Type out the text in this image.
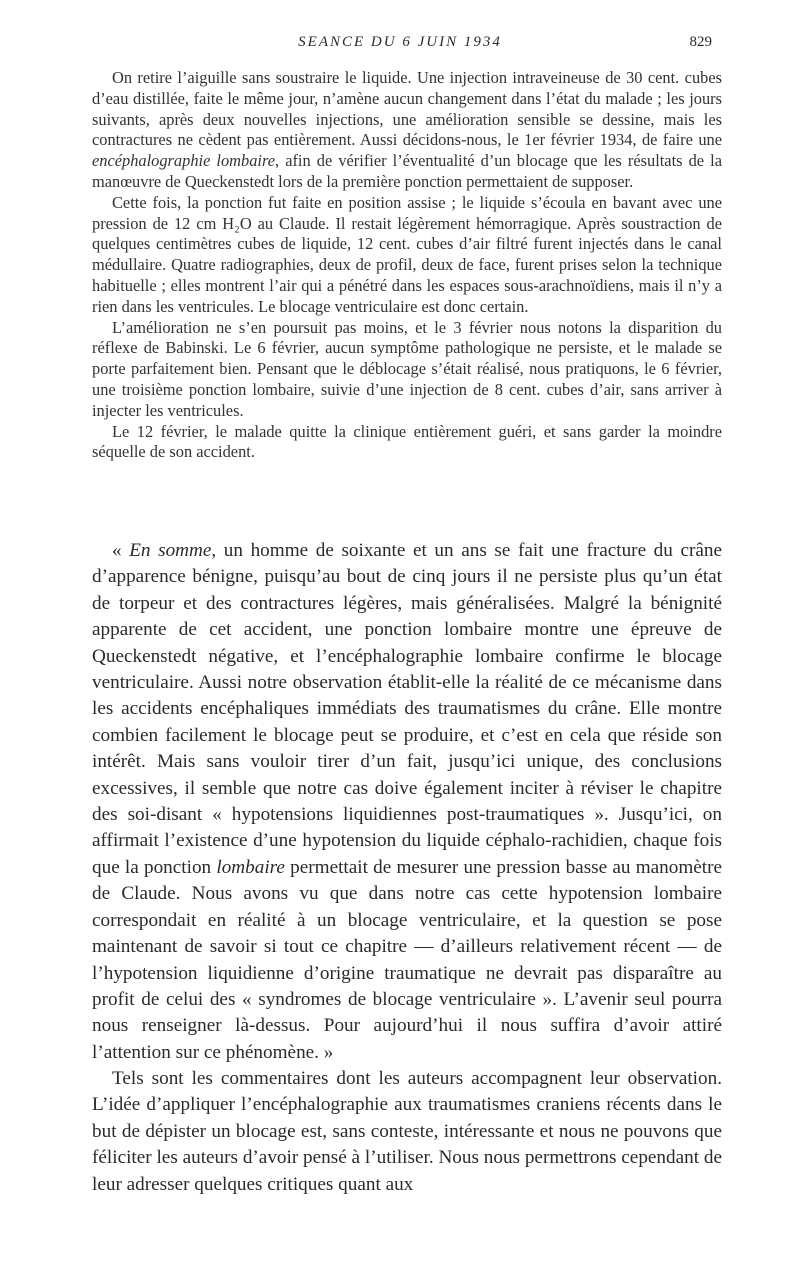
SEANCE DU 6 JUIN 1934	829

On retire l’aiguille sans soustraire le liquide. Une injection intraveineuse de 30 cent. cubes d’eau distillée, faite le même jour, n’amène aucun changement dans l’état du malade ; les jours suivants, après deux nouvelles injections, une amélioration sensible se dessine, mais les contractures ne cèdent pas entièrement. Aussi décidons-nous, le 1er février 1934, de faire une encéphalographie lombaire, afin de vérifier l’éventualité d’un blocage que les résultats de la manœuvre de Queckenstedt lors de la première ponction permettaient de supposer.

Cette fois, la ponction fut faite en position assise ; le liquide s’écoula en bavant avec une pression de 12 cm H₂O au Claude. Il restait légèrement hémorragique. Après soustraction de quelques centimètres cubes de liquide, 12 cent. cubes d’air filtré furent injectés dans le canal médullaire. Quatre radiographies, deux de profil, deux de face, furent prises selon la technique habituelle ; elles montrent l’air qui a pénétré dans les espaces sous-arachnoïdiens, mais il n’y a rien dans les ventricules. Le blocage ventriculaire est donc certain.

L’amélioration ne s’en poursuit pas moins, et le 3 février nous notons la disparition du réflexe de Babinski. Le 6 février, aucun symptôme pathologique ne persiste, et le malade se porte parfaitement bien. Pensant que le déblocage s’était réalisé, nous pratiquons, le 6 février, une troisième ponction lombaire, suivie d’une injection de 8 cent. cubes d’air, sans arriver à injecter les ventricules.

Le 12 février, le malade quitte la clinique entièrement guéri, et sans garder la moindre séquelle de son accident.

« En somme, un homme de soixante et un ans se fait une fracture du crâne d’apparence bénigne, puisqu’au bout de cinq jours il ne persiste plus qu’un état de torpeur et des contractures légères, mais généralisées. Malgré la bénignité apparente de cet accident, une ponction lombaire montre une épreuve de Queckenstedt négative, et l’encéphalographie lombaire confirme le blocage ventriculaire. Aussi notre observation établit-elle la réalité de ce mécanisme dans les accidents encéphaliques immédiats des traumatismes du crâne. Elle montre combien facilement le blocage peut se produire, et c’est en cela que réside son intérêt. Mais sans vouloir tirer d’un fait, jusqu’ici unique, des conclusions excessives, il semble que notre cas doive également inciter à réviser le chapitre des soi-disant « hypotensions liquidiennes post-traumatiques ». Jusqu’ici, on affirmait l’existence d’une hypotension du liquide céphalo-rachidien, chaque fois que la ponction lombaire permettait de mesurer une pression basse au manomètre de Claude. Nous avons vu que dans notre cas cette hypotension lombaire correspondait en réalité à un blocage ventriculaire, et la question se pose maintenant de savoir si tout ce chapitre — d’ailleurs relativement récent — de l’hypotension liquidienne d’origine traumatique ne devrait pas disparaître au profit de celui des « syndromes de blocage ventriculaire ». L’avenir seul pourra nous renseigner là-dessus. Pour aujourd’hui il nous suffira d’avoir attiré l’attention sur ce phénomène. »

Tels sont les commentaires dont les auteurs accompagnent leur observation. L’idée d’appliquer l’encéphalographie aux traumatismes craniens récents dans le but de dépister un blocage est, sans conteste, intéressante et nous ne pouvons que féliciter les auteurs d’avoir pensé à l’utiliser. Nous nous permettrons cependant de leur adresser quelques critiques quant aux
